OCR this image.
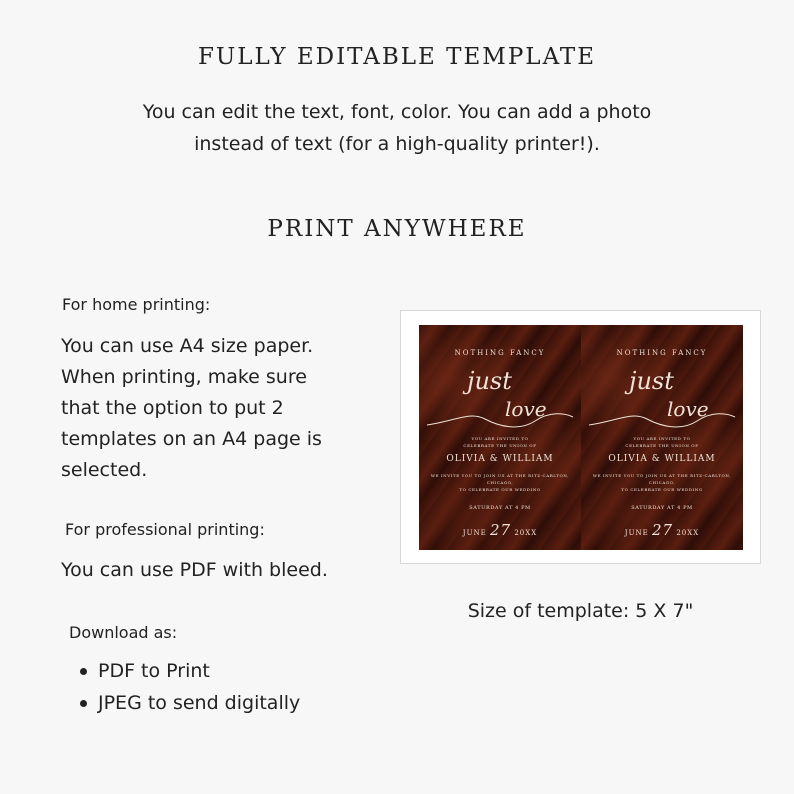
FULLY EDITABLE TEMPLATE
You can edit the text, font, color. You can add a photo
instead of text (for a high-quality printer!).
PRINT ANYWHERE
For home printing:
You can use A4 size paper.
When printing, make sure
that the option to put 2
templates on an A4 page is
selected.
For professional printing:
You can use PDF with bleed.
Download as:
PDF to Print
JPEG to send digitally
NOTHING FANCY
just
love
YOU ARE INVITED TO
CELEBRATE THE UNION OF
OLIVIA & WILLIAM
WE INVITE YOU TO JOIN US AT THE RITZ-CARLTON,
CHICAGO,
TO CELEBRATE OUR WEDDING
SATURDAY AT 4 PM
JUNE 27 20XX
NOTHING FANCY
just
love
YOU ARE INVITED TO
CELEBRATE THE UNION OF
OLIVIA & WILLIAM
WE INVITE YOU TO JOIN US AT THE RITZ-CARLTON,
CHICAGO,
TO CELEBRATE OUR WEDDING
SATURDAY AT 4 PM
JUNE 27 20XX
Size of template: 5 X 7"
